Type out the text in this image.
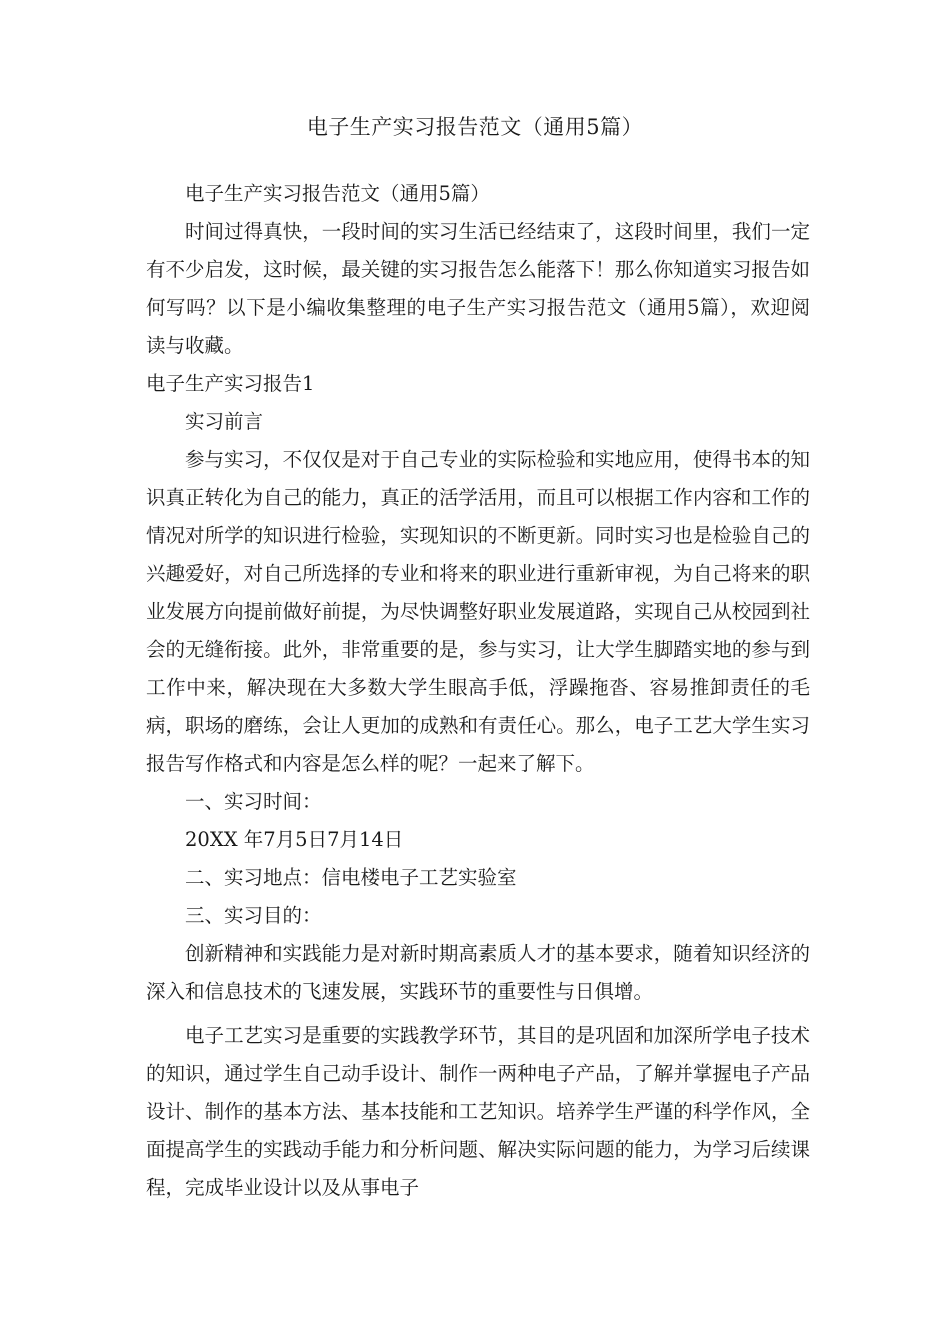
电子生产实习报告范文（通用5篇）

电子生产实习报告范文（通用5篇）

时间过得真快，一段时间的实习生活已经结束了，这段时间里，我们一定有不少启发，这时候，最关键的实习报告怎么能落下！那么你知道实习报告如何写吗？以下是小编收集整理的电子生产实习报告范文（通用5篇），欢迎阅读与收藏。

电子生产实习报告1

实习前言

参与实习，不仅仅是对于自己专业的实际检验和实地应用，使得书本的知识真正转化为自己的能力，真正的活学活用，而且可以根据工作内容和工作的情况对所学的知识进行检验，实现知识的不断更新。同时实习也是检验自己的兴趣爱好，对自己所选择的专业和将来的职业进行重新审视，为自己将来的职业发展方向提前做好前提，为尽快调整好职业发展道路，实现自己从校园到社会的无缝衔接。此外，非常重要的是，参与实习，让大学生脚踏实地的参与到工作中来，解决现在大多数大学生眼高手低，浮躁拖沓、容易推卸责任的毛病，职场的磨练，会让人更加的成熟和有责任心。那么，电子工艺大学生实习报告写作格式和内容是怎么样的呢？一起来了解下。

一、实习时间：

20XX 年7月5日7月14日

二、实习地点：信电楼电子工艺实验室

三、实习目的：

创新精神和实践能力是对新时期高素质人才的基本要求，随着知识经济的深入和信息技术的飞速发展，实践环节的重要性与日俱增。

电子工艺实习是重要的实践教学环节，其目的是巩固和加深所学电子技术的知识，通过学生自己动手设计、制作一两种电子产品，了解并掌握电子产品设计、制作的基本方法、基本技能和工艺知识。培养学生严谨的科学作风，全面提高学生的实践动手能力和分析问题、解决实际问题的能力，为学习后续课程，完成毕业设计以及从事电子
